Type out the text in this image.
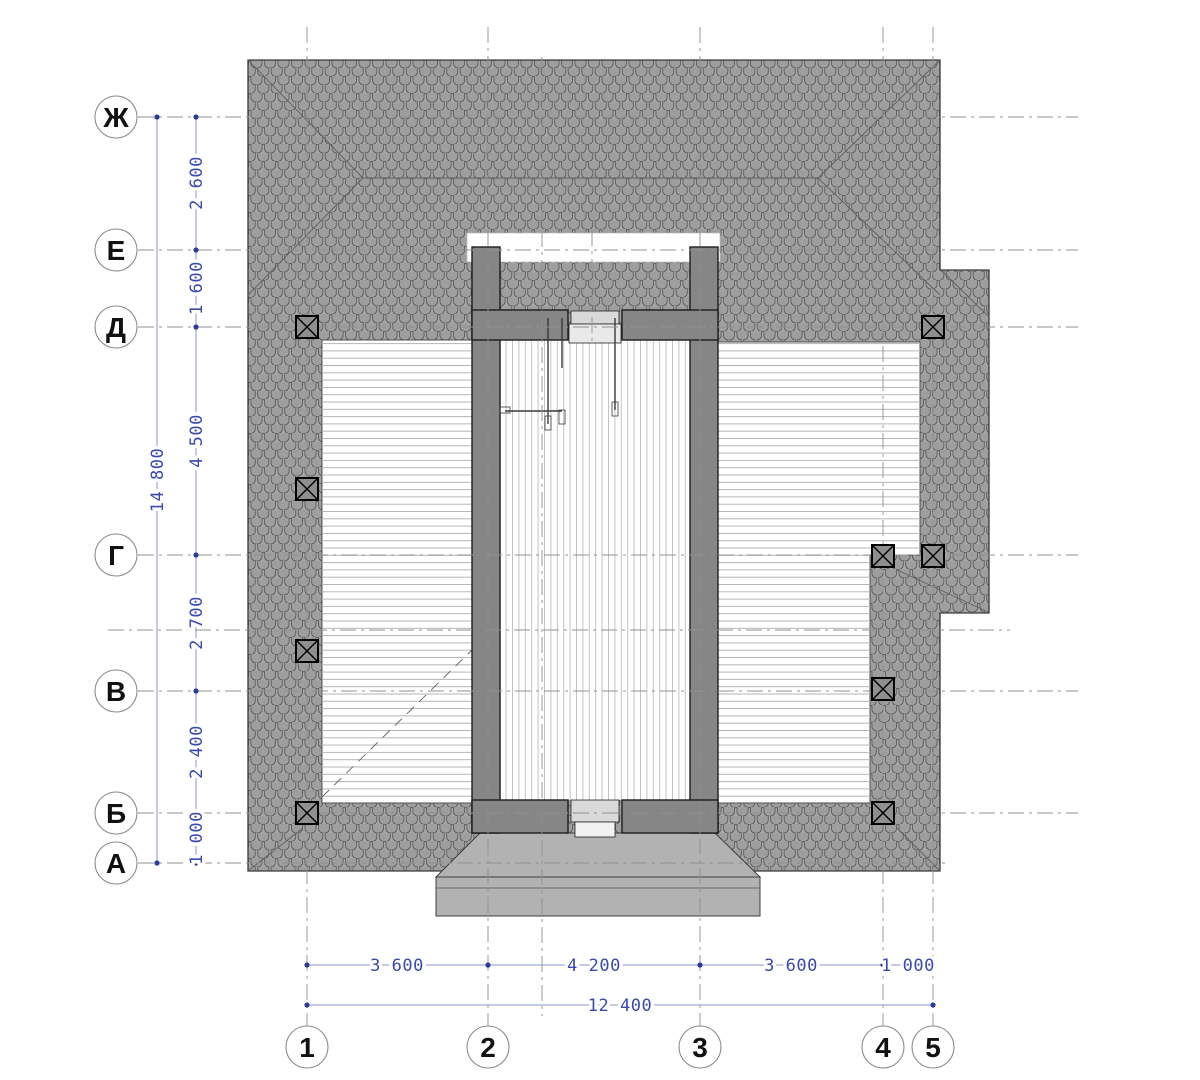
14 800
2 600
1 600
4 500
2 700
2 400
1 000
3 600	4 200	3 600	1 000
12 400
Ж
Е
Д
Г
В
Б
А
1	2	3	4 5
